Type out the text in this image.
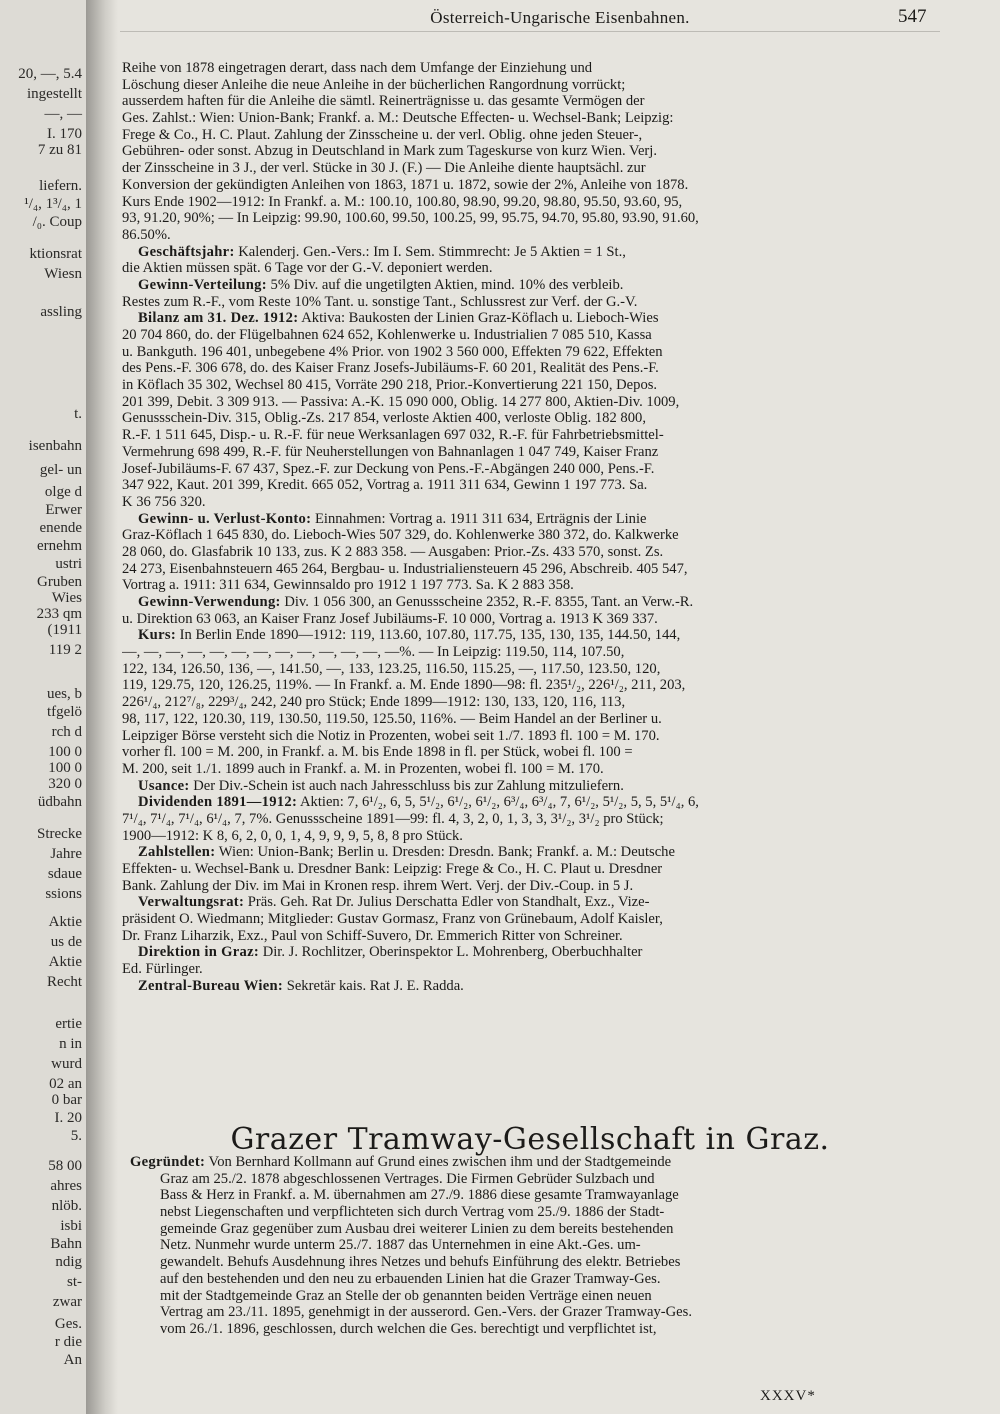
20, —, 5.4
ingestellt
—, —
I. 170
7 zu 81
liefern.
¹/₄, 1³/₄, 1
/₀. Coup
ktionsrat
Wiesn
assling
t.
isenbahn
gel- un
olge d
Erwer
enende
ernehm
ustri
Gruben
Wies
233 qm
(1911
119 2
ues, b
tfgelö
rch d
100 0
100 0
320 0
üdbahn
Strecke
Jahre
sdaue
ssions
Aktie
us de
Aktie
Recht
ertie
n in
wurd
02 an
0 bar
I. 20
5.
58 00
ahres
nlöb.
isbi
Bahn
ndig
st-
zwar
Ges.
r die
An
Österreich-Ungarische Eisenbahnen.	547
Reihe von 1878 eingetragen derart, dass nach dem Umfange der Einziehung und
Löschung dieser Anleihe die neue Anleihe in der bücherlichen Rangordnung vorrückt;
ausserdem haften für die Anleihe die sämtl. Reinerträgnisse u. das gesamte Vermögen der
Ges. Zahlst.: Wien: Union-Bank; Frankf. a. M.: Deutsche Effecten- u. Wechsel-Bank; Leipzig:
Frege & Co., H. C. Plaut. Zahlung der Zinsscheine u. der verl. Oblig. ohne jeden Steuer-,
Gebühren- oder sonst. Abzug in Deutschland in Mark zum Tageskurse von kurz Wien. Verj.
der Zinsscheine in 3 J., der verl. Stücke in 30 J. (F.) — Die Anleihe diente hauptsächl. zur
Konversion der gekündigten Anleihen von 1863, 1871 u. 1872, sowie der 2%, Anleihe von 1878.
Kurs Ende 1902—1912: In Frankf. a. M.: 100.10, 100.80, 98.90, 99.20, 98.80, 95.50, 93.60, 95,
93, 91.20, 90%; — In Leipzig: 99.90, 100.60, 99.50, 100.25, 99, 95.75, 94.70, 95.80, 93.90, 91.60,
86.50%.
Geschäftsjahr: Kalenderj. Gen.-Vers.: Im I. Sem. Stimmrecht: Je 5 Aktien = 1 St.,
die Aktien müssen spät. 6 Tage vor der G.-V. deponiert werden.
Gewinn-Verteilung: 5% Div. auf die ungetilgten Aktien, mind. 10% des verbleib.
Restes zum R.-F., vom Reste 10% Tant. u. sonstige Tant., Schlussrest zur Verf. der G.-V.
Bilanz am 31. Dez. 1912: Aktiva: Baukosten der Linien Graz-Köflach u. Lieboch-Wies
20 704 860, do. der Flügelbahnen 624 652, Kohlenwerke u. Industrialien 7 085 510, Kassa
u. Bankguth. 196 401, unbegebene 4% Prior. von 1902 3 560 000, Effekten 79 622, Effekten
des Pens.-F. 306 678, do. des Kaiser Franz Josefs-Jubiläums-F. 60 201, Realität des Pens.-F.
in Köflach 35 302, Wechsel 80 415, Vorräte 290 218, Prior.-Konvertierung 221 150, Depos.
201 399, Debit. 3 309 913. — Passiva: A.-K. 15 090 000, Oblig. 14 277 800, Aktien-Div. 1009,
Genussschein-Div. 315, Oblig.-Zs. 217 854, verloste Aktien 400, verloste Oblig. 182 800,
R.-F. 1 511 645, Disp.- u. R.-F. für neue Werksanlagen 697 032, R.-F. für Fahrbetriebsmittel-
Vermehrung 698 499, R.-F. für Neuherstellungen von Bahnanlagen 1 047 749, Kaiser Franz
Josef-Jubiläums-F. 67 437, Spez.-F. zur Deckung von Pens.-F.-Abgängen 240 000, Pens.-F.
347 922, Kaut. 201 399, Kredit. 665 052, Vortrag a. 1911 311 634, Gewinn 1 197 773. Sa.
K 36 756 320.
Gewinn- u. Verlust-Konto: Einnahmen: Vortrag a. 1911 311 634, Erträgnis der Linie
Graz-Köflach 1 645 830, do. Lieboch-Wies 507 329, do. Kohlenwerke 380 372, do. Kalkwerke
28 060, do. Glasfabrik 10 133, zus. K 2 883 358. — Ausgaben: Prior.-Zs. 433 570, sonst. Zs.
24 273, Eisenbahnsteuern 465 264, Bergbau- u. Industrialiensteuern 45 296, Abschreib. 405 547,
Vortrag a. 1911: 311 634, Gewinnsaldo pro 1912 1 197 773. Sa. K 2 883 358.
Gewinn-Verwendung: Div. 1 056 300, an Genussscheine 2352, R.-F. 8355, Tant. an Verw.-R.
u. Direktion 63 063, an Kaiser Franz Josef Jubiläums-F. 10 000, Vortrag a. 1913 K 369 337.
Kurs: In Berlin Ende 1890—1912: 119, 113.60, 107.80, 117.75, 135, 130, 135, 144.50, 144,
—, —, —, —, —, —, —, —, —, —, —, —, —%. — In Leipzig: 119.50, 114, 107.50,
122, 134, 126.50, 136, —, 141.50, —, 133, 123.25, 116.50, 115.25, —, 117.50, 123.50, 120,
119, 129.75, 120, 126.25, 119%. — In Frankf. a. M. Ende 1890—98: fl. 235¹/₂, 226¹/₂, 211, 203,
226¹/₄, 212⁷/₈, 229³/₄, 242, 240 pro Stück; Ende 1899—1912: 130, 133, 120, 116, 113,
98, 117, 122, 120.30, 119, 130.50, 119.50, 125.50, 116%. — Beim Handel an der Berliner u.
Leipziger Börse versteht sich die Notiz in Prozenten, wobei seit 1./7. 1893 fl. 100 = M. 170.
vorher fl. 100 = M. 200, in Frankf. a. M. bis Ende 1898 in fl. per Stück, wobei fl. 100 =
M. 200, seit 1./1. 1899 auch in Frankf. a. M. in Prozenten, wobei fl. 100 = M. 170.
Usance: Der Div.-Schein ist auch nach Jahresschluss bis zur Zahlung mitzuliefern.
Dividenden 1891—1912: Aktien: 7, 6¹/₂, 6, 5, 5¹/₂, 6¹/₂, 6¹/₂, 6³/₄, 6³/₄, 7, 6¹/₂, 5¹/₂, 5, 5, 5¹/₄, 6,
7¹/₄, 7¹/₄, 7¹/₄, 6¹/₄, 7, 7%. Genussscheine 1891—99: fl. 4, 3, 2, 0, 1, 3, 3, 3¹/₂, 3¹/₂ pro Stück;
1900—1912: K 8, 6, 2, 0, 0, 1, 4, 9, 9, 9, 5, 8, 8 pro Stück.
Zahlstellen: Wien: Union-Bank; Berlin u. Dresden: Dresdn. Bank; Frankf. a. M.: Deutsche
Effekten- u. Wechsel-Bank u. Dresdner Bank: Leipzig: Frege & Co., H. C. Plaut u. Dresdner
Bank. Zahlung der Div. im Mai in Kronen resp. ihrem Wert. Verj. der Div.-Coup. in 5 J.
Verwaltungsrat: Präs. Geh. Rat Dr. Julius Derschatta Edler von Standhalt, Exz., Vize-
präsident O. Wiedmann; Mitglieder: Gustav Gormasz, Franz von Grünebaum, Adolf Kaisler,
Dr. Franz Liharzik, Exz., Paul von Schiff-Suvero, Dr. Emmerich Ritter von Schreiner.
Direktion in Graz: Dir. J. Rochlitzer, Oberinspektor L. Mohrenberg, Oberbuchhalter
Ed. Fürlinger.
Zentral-Bureau Wien: Sekretär kais. Rat J. E. Radda.
Grazer Tramway-Gesellschaft in Graz.
Gegründet: Von Bernhard Kollmann auf Grund eines zwischen ihm und der Stadtgemeinde
Graz am 25./2. 1878 abgeschlossenen Vertrages. Die Firmen Gebrüder Sulzbach und
Bass & Herz in Frankf. a. M. übernahmen am 27./9. 1886 diese gesamte Tramwayanlage
nebst Liegenschaften und verpflichteten sich durch Vertrag vom 25./9. 1886 der Stadt-
gemeinde Graz gegenüber zum Ausbau drei weiterer Linien zu dem bereits bestehenden
Netz. Nunmehr wurde unterm 25./7. 1887 das Unternehmen in eine Akt.-Ges. um-
gewandelt. Behufs Ausdehnung ihres Netzes und behufs Einführung des elektr. Betriebes
auf den bestehenden und den neu zu erbauenden Linien hat die Grazer Tramway-Ges.
mit der Stadtgemeinde Graz an Stelle der ob genannten beiden Verträge einen neuen
Vertrag am 23./11. 1895, genehmigt in der ausserord. Gen.-Vers. der Grazer Tramway-Ges.
vom 26./1. 1896, geschlossen, durch welchen die Ges. berechtigt und verpflichtet ist,
XXXV*
